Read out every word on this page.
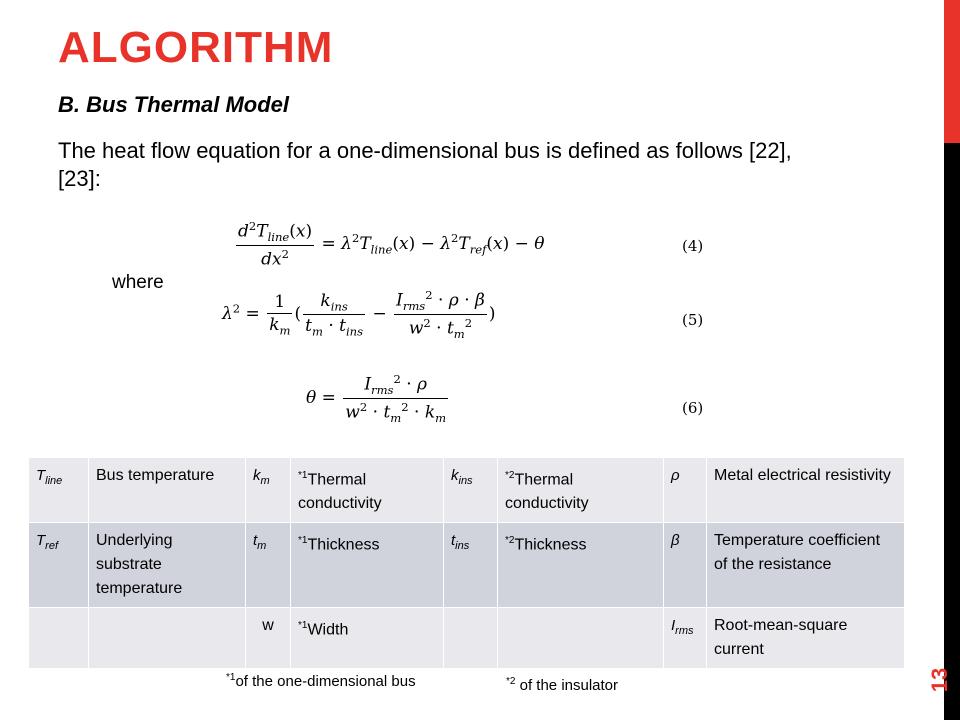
13
ALGORITHM
B. Bus Thermal Model
The heat flow equation for a one-dimensional bus is defined as follows [22], [23]:
where
$\frac{d^2T_{line}(x)}{dx^2} = \lambda^2T_{line}(x) - \lambda^2T_{ref}(x) - \theta$	(4)
$\lambda^2 = \frac{1}{k_m}$ ( $\frac{k_{ins}}{t_m \cdot t_{ins}} - \frac{I_{rms}^2 \cdot \rho \cdot \beta}{w^2 \cdot t_m^2}$ )	(5)
$\theta = \frac{I_{rms}^2 \cdot \rho}{w^2 \cdot t_m^2 \cdot k_m}$	(6)
$T_{line}$	Bus temperature	$k_m$	$^{*1}$Thermal conductivity	$k_{ins}$	$^{*2}$Thermal conductivity	ρ	Metal electrical resistivity
$T_{ref}$	Underlying substrate temperature	$t_m$	$^{*1}$Thickness	$t_{ins}$	$^{*2}$Thickness	β	Temperature coefficient of the resistance
		w	$^{*1}$Width			$I_{rms}$	Root-mean-square current
$^{*1}$of the one-dimensional bus	$^{*2}$ of the insulator
